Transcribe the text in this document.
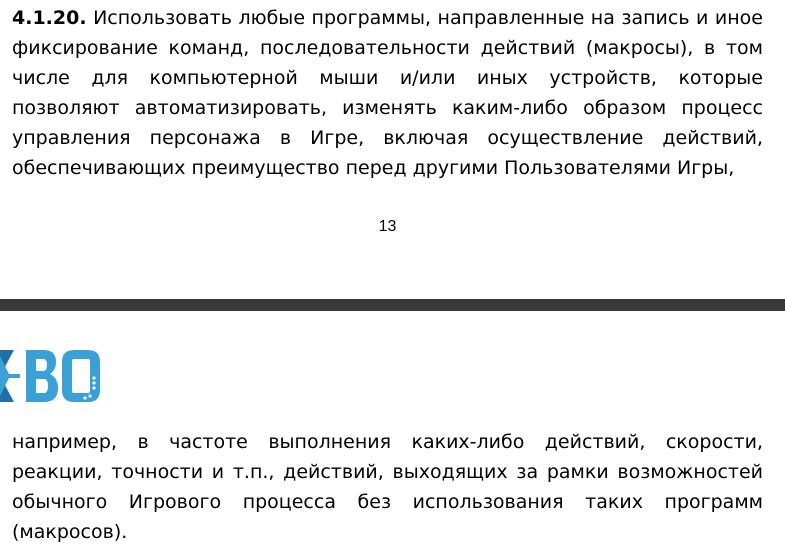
4.1.20. Использовать любые программы, направленные на запись и иное фиксирование команд, последовательности действий (макросы), в том числе для компьютерной мыши и/или иных устройств, которые позволяют автоматизировать, изменять каким-либо образом процесс управления персонажа в Игре, включая осуществление действий, обеспечивающих преимущество перед другими Пользователями Игры,

13
BO

например, в частоте выполнения каких-либо действий, скорости, реакции, точности и т.п., действий, выходящих за рамки возможностей обычного Игрового процесса без использования таких программ (макросов).
